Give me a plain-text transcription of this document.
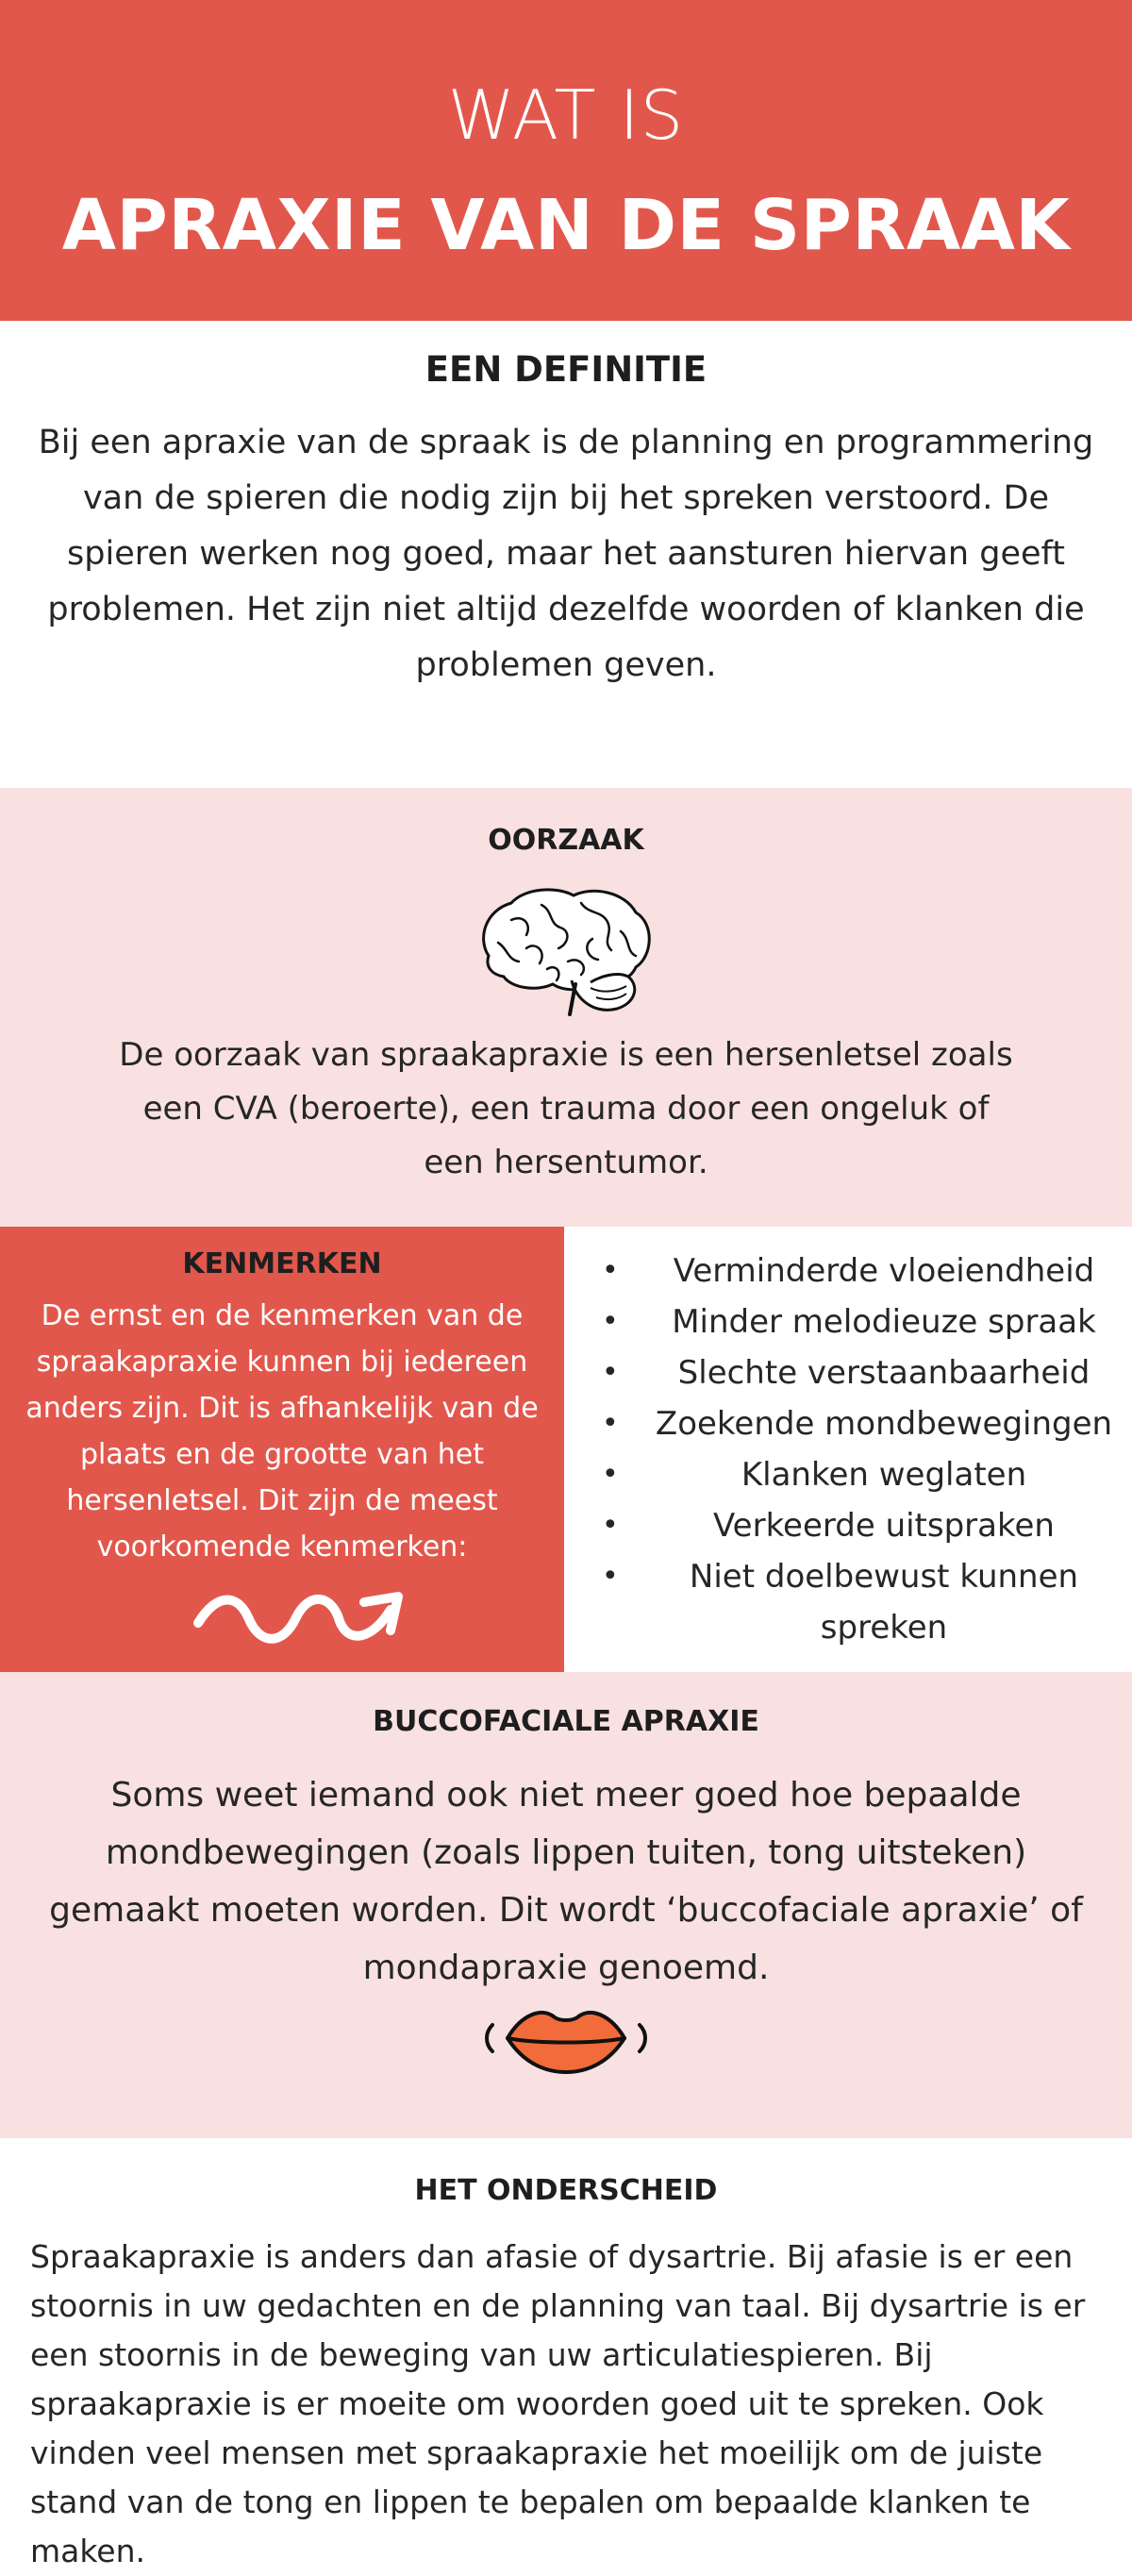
WAT IS
APRAXIE VAN DE SPRAAK
EEN DEFINITIE
Bij een apraxie van de spraak is de planning en programmering van de spieren die nodig zijn bij het spreken verstoord. De spieren werken nog goed, maar het aansturen hiervan geeft problemen. Het zijn niet altijd dezelfde woorden of klanken die problemen geven.
OORZAAK
De oorzaak van spraakapraxie is een hersenletsel zoals een CVA (beroerte), een trauma door een ongeluk of een hersentumor.
KENMERKEN
De ernst en de kenmerken van de spraakapraxie kunnen bij iedereen anders zijn. Dit is afhankelijk van de plaats en de grootte van het hersenletsel. Dit zijn de meest voorkomende kenmerken:
•	Verminderde vloeiendheid
•	Minder melodieuze spraak
•	Slechte verstaanbaarheid
•	Zoekende mondbewegingen
•	Klanken weglaten
•	Verkeerde uitspraken
•	Niet doelbewust kunnen spreken
BUCCOFACIALE APRAXIE
Soms weet iemand ook niet meer goed hoe bepaalde mondbewegingen (zoals lippen tuiten, tong uitsteken) gemaakt moeten worden. Dit wordt ‘buccofaciale apraxie’ of mondapraxie genoemd.
HET ONDERSCHEID
Spraakapraxie is anders dan afasie of dysartrie. Bij afasie is er een stoornis in uw gedachten en de planning van taal. Bij dysartrie is er een stoornis in de beweging van uw articulatiespieren. Bij spraakapraxie is er moeite om woorden goed uit te spreken. Ook vinden veel mensen met spraakapraxie het moeilijk om de juiste stand van de tong en lippen te bepalen om bepaalde klanken te maken.
